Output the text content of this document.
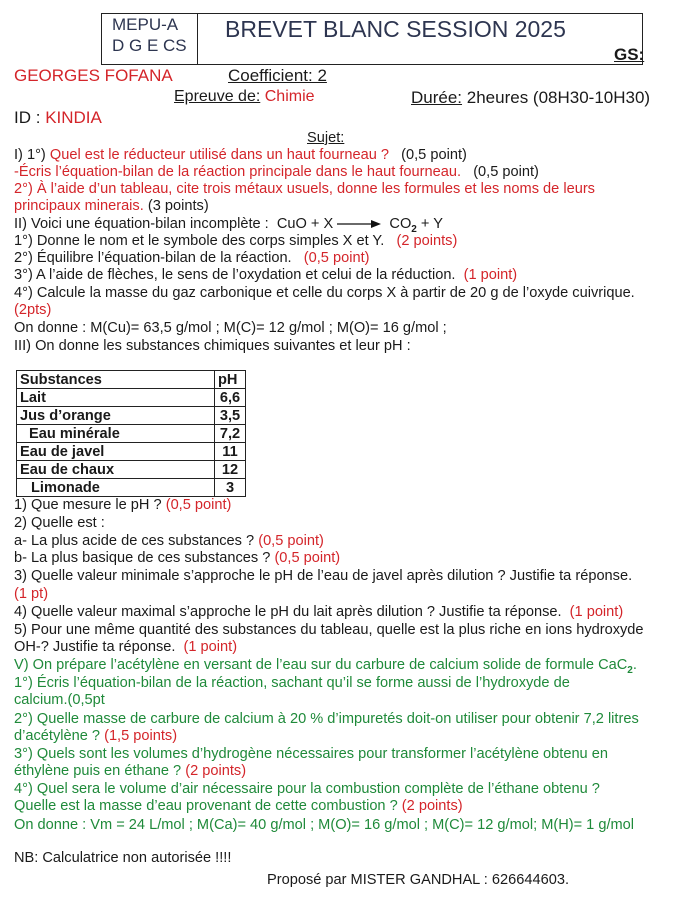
MEPU-A
D G E CS
BREVET BLANC SESSION 2025
GS:
GEORGES FOFANA	Coefficient: 2
Epreuve de: Chimie	Durée: 2heures (08H30-10H30)
ID : KINDIA
Sujet:
I) 1°) Quel est le réducteur utilisé dans un haut fourneau ? (0,5 point)
-Écris l’équation-bilan de la réaction principale dans le haut fourneau. (0,5 point)
2°) À l’aide d’un tableau, cite trois métaux usuels, donne les formules et les noms de leurs
principaux minerais. (3 points)
II) Voici une équation-bilan incomplète : CuO + $X \to CO_2 + Y$
1°) Donne le nom et le symbole des corps simples X et Y. (2 points)
2°) Équilibre l’équation-bilan de la réaction. (0,5 point)
3°) A l’aide de flèches, le sens de l’oxydation et celui de la réduction. (1 point)
4°) Calcule la masse du gaz carbonique et celle du corps X à partir de 20 g de l’oxyde cuivrique.
(2pts)
On donne : M(Cu)= 63,5 g/mol ; M(C)= 12 g/mol ; M(O)= 16 g/mol ;
III) On donne les substances chimiques suivantes et leur pH :
Substances	pH
Lait	6,6
Jus d’orange	3,5
Eau minérale	7,2
Eau de javel	11
Eau de chaux	12
Limonade	3
1) Que mesure le pH ? (0,5 point)
2) Quelle est :
a- La plus acide de ces substances ? (0,5 point)
b- La plus basique de ces substances ? (0,5 point)
3) Quelle valeur minimale s’approche le pH de l’eau de javel après dilution ? Justifie ta réponse.
(1 pt)
4) Quelle valeur maximal s’approche le pH du lait après dilution ? Justifie ta réponse. (1 point)
5) Pour une même quantité des substances du tableau, quelle est la plus riche en ions hydroxyde
OH-? Justifie ta réponse. (1 point)
V) On prépare l’acétylène en versant de l’eau sur du carbure de calcium solide de formule CaC$_2$.
1°) Écris l’équation-bilan de la réaction, sachant qu’il se forme aussi de l’hydroxyde de
calcium.(0,5pt
2°) Quelle masse de carbure de calcium à 20 % d’impuretés doit-on utiliser pour obtenir 7,2 litres
d’acétylène ? (1,5 points)
3°) Quels sont les volumes d’hydrogène nécessaires pour transformer l’acétylène obtenu en
éthylène puis en éthane ? (2 points)
4°) Quel sera le volume d’air nécessaire pour la combustion complète de l’éthane obtenu ?
Quelle est la masse d’eau provenant de cette combustion ? (2 points)
On donne : Vm = 24 L/mol ; M(Ca)= 40 g/mol ; M(O)= 16 g/mol ; M(C)= 12 g/mol; M(H)= 1 g/mol
NB: Calculatrice non autorisée !!!!
Proposé par MISTER GANDHAL : 626644603.
